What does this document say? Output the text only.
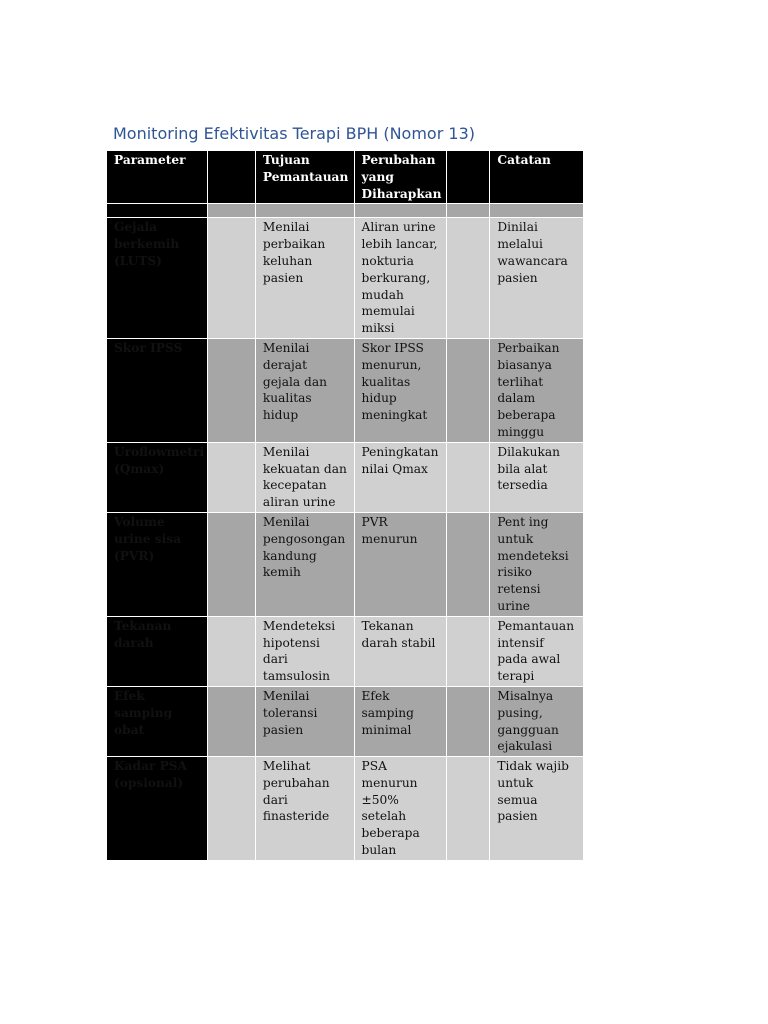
Monitoring Efektivitas Terapi BPH (Nomor 13)
Parameter		Tujuan Pemantauan	Perubahan yang Diharapkan		Catatan

Gejala berkemih (LUTS)		Menilai perbaikan keluhan pasien	Aliran urine lebih lancar, nokturia berkurang, mudah memulai miksi		Dinilai melalui wawancara pasien
Skor IPSS		Menilai derajat gejala dan kualitas hidup	Skor IPSS menurun, kualitas hidup meningkat		Perbaikan biasanya terlihat dalam beberapa minggu
Uroflowmetri (Qmax)		Menilai kekuatan dan kecepatan aliran urine	Peningkatan nilai Qmax		Dilakukan bila alat tersedia
Volume urine sisa (PVR)		Menilai pengosongan kandung kemih	PVR menurun		Pent ing untuk mendeteksi risiko retensi urine
Tekanan darah		Mendeteksi hipotensi dari tamsulosin	Tekanan darah stabil		Pemantauan intensif pada awal terapi
Efek samping obat		Menilai toleransi pasien	Efek samping minimal		Misalnya pusing, gangguan ejakulasi
Kadar PSA (opsional)		Melihat perubahan dari finasteride	PSA menurun ±50% setelah beberapa bulan		Tidak wajib untuk semua pasien
